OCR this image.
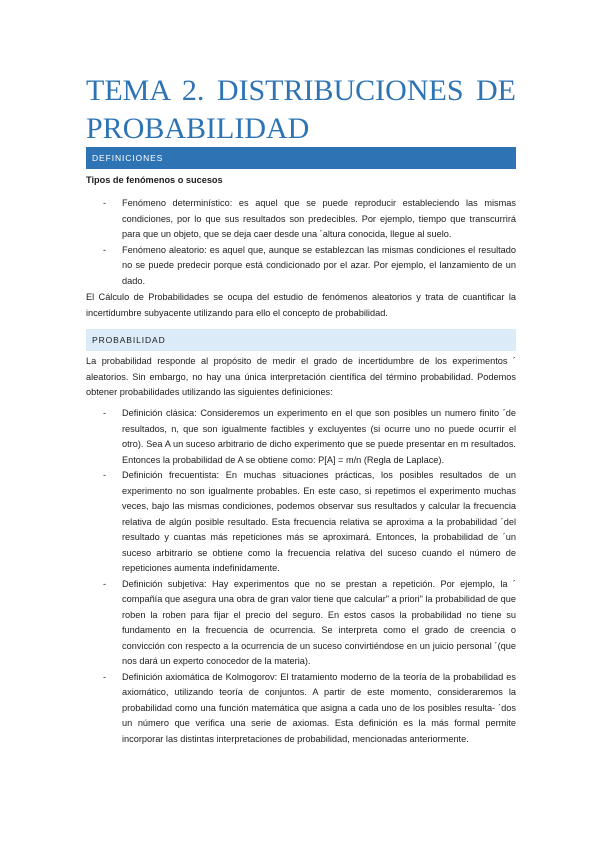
TEMA 2. DISTRIBUCIONES DE
PROBABILIDAD
DEFINICIONES
Tipos de fenómenos o sucesos
- Fenómeno determinístico: es aquel que se puede reproducir estableciendo las mismas condiciones, por lo que sus resultados son predecibles. Por ejemplo, tiempo que transcurrirá para que un objeto, que se deja caer desde una ´altura conocida, llegue al suelo.
- Fenómeno aleatorio: es aquel que, aunque se establezcan las mismas condiciones el resultado no se puede predecir porque está condicionado por el azar. Por ejemplo, el lanzamiento de un dado.
El Cálculo de Probabilidades se ocupa del estudio de fenómenos aleatorios y trata de cuantificar la incertidumbre subyacente utilizando para ello el concepto de probabilidad.
PROBABILIDAD
La probabilidad responde al propósito de medir el grado de incertidumbre de los experimentos ´ aleatorios. Sin embargo, no hay una única interpretación científica del término probabilidad. Podemos obtener probabilidades utilizando las siguientes definiciones:
- Definición clásica: Consideremos un experimento en el que son posibles un numero finito ´de resultados, n, que son igualmente factibles y excluyentes (si ocurre uno no puede ocurrir el otro). Sea A un suceso arbitrario de dicho experimento que se puede presentar en m resultados. Entonces la probabilidad de A se obtiene como: P[A] = m/n (Regla de Laplace).
- Definición frecuentista: En muchas situaciones prácticas, los posibles resultados de un experimento no son igualmente probables. En este caso, si repetimos el experimento muchas veces, bajo las mismas condiciones, podemos observar sus resultados y calcular la frecuencia relativa de algún posible resultado. Esta frecuencia relativa se aproxima a la probabilidad ´del resultado y cuantas más repeticiones más se aproximará. Entonces, la probabilidad de ´un suceso arbitrario se obtiene como la frecuencia relativa del suceso cuando el número de repeticiones aumenta indefinidamente.
- Definición subjetiva: Hay experimentos que no se prestan a repetición. Por ejemplo, la ´ compañía que asegura una obra de gran valor tiene que calcular" a priori" la probabilidad de que roben la roben para fijar el precio del seguro. En estos casos la probabilidad no tiene su fundamento en la frecuencia de ocurrencia. Se interpreta como el grado de creencia o convicción con respecto a la ocurrencia de un suceso convirtiéndose en un juicio personal ´(que nos dará un experto conocedor de la materia).
- Definición axiomática de Kolmogorov: El tratamiento moderno de la teoría de la probabilidad es axiomático, utilizando teoría de conjuntos. A partir de este momento, consideraremos la probabilidad como una función matemática que asigna a cada uno de los posibles resulta- ´dos un número que verifica una serie de axiomas. Esta definición es la más formal permite incorporar las distintas interpretaciones de probabilidad, mencionadas anteriormente.
